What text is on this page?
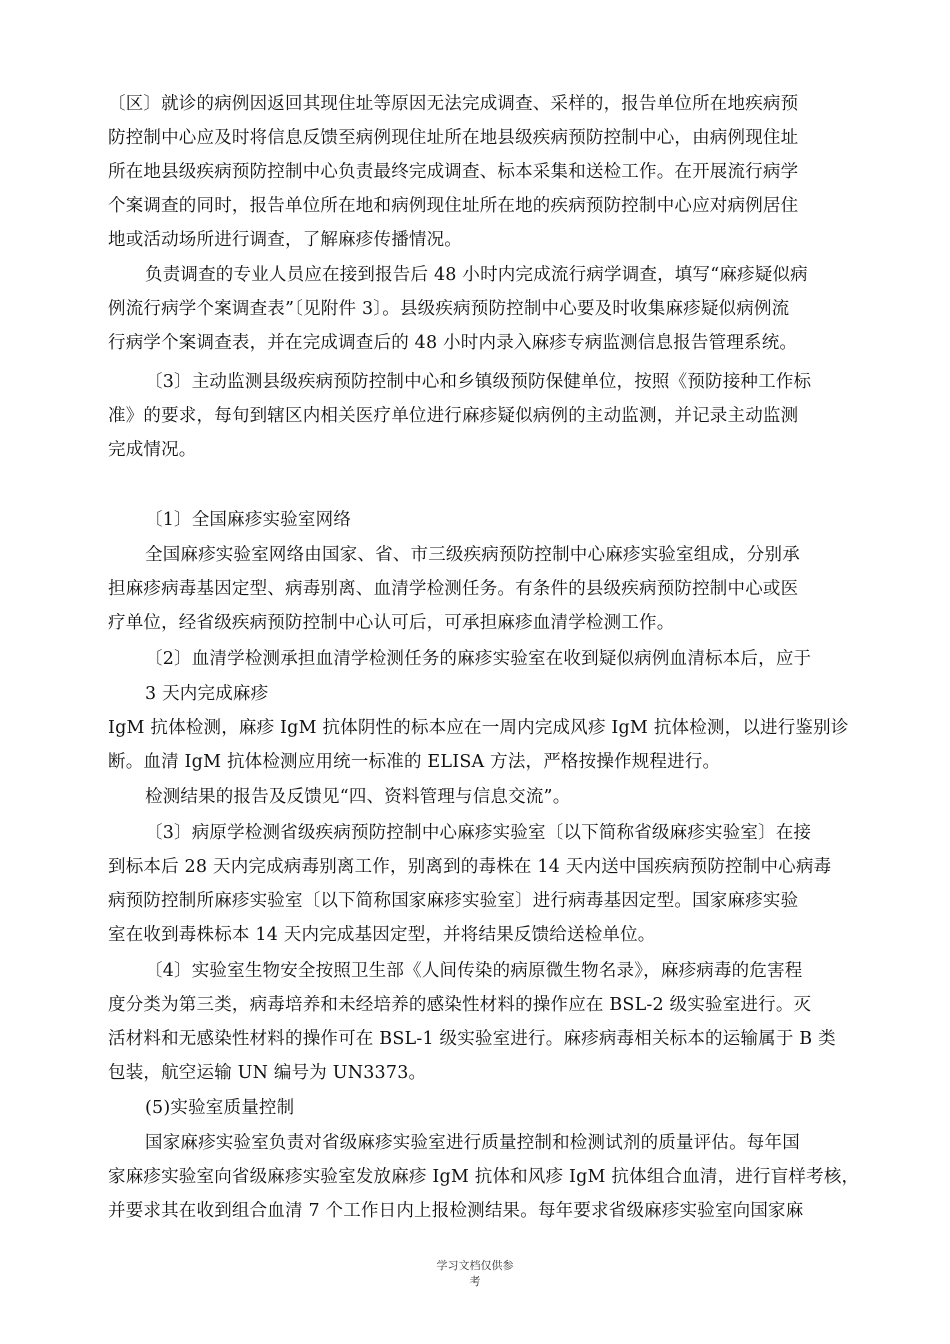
〔区〕就诊的病例因返回其现住址等原因无法完成调查、采样的，报告单位所在地疾病预
防控制中心应及时将信息反馈至病例现住址所在地县级疾病预防控制中心，由病例现住址
所在地县级疾病预防控制中心负责最终完成调查、标本采集和送检工作。在开展流行病学
个案调查的同时，报告单位所在地和病例现住址所在地的疾病预防控制中心应对病例居住
地或活动场所进行调查，了解麻疹传播情况。
负责调查的专业人员应在接到报告后 48 小时内完成流行病学调查，填写“麻疹疑似病
例流行病学个案调查表”〔见附件 3〕。县级疾病预防控制中心要及时收集麻疹疑似病例流
行病学个案调查表，并在完成调查后的 48 小时内录入麻疹专病监测信息报告管理系统。
〔3〕主动监测县级疾病预防控制中心和乡镇级预防保健单位，按照《预防接种工作标
准》的要求，每旬到辖区内相关医疗单位进行麻疹疑似病例的主动监测，并记录主动监测
完成情况。
〔1〕全国麻疹实验室网络
全国麻疹实验室网络由国家、省、市三级疾病预防控制中心麻疹实验室组成，分别承
担麻疹病毒基因定型、病毒别离、血清学检测任务。有条件的县级疾病预防控制中心或医
疗单位，经省级疾病预防控制中心认可后，可承担麻疹血清学检测工作。
〔2〕血清学检测承担血清学检测任务的麻疹实验室在收到疑似病例血清标本后，应于
3 天内完成麻疹
IgM 抗体检测，麻疹 IgM 抗体阴性的标本应在一周内完成风疹 IgM 抗体检测，以进行鉴别诊
断。血清 IgM 抗体检测应用统一标准的 ELISA 方法，严格按操作规程进行。
检测结果的报告及反馈见“四、资料管理与信息交流”。
〔3〕病原学检测省级疾病预防控制中心麻疹实验室〔以下简称省级麻疹实验室〕在接
到标本后 28 天内完成病毒别离工作，别离到的毒株在 14 天内送中国疾病预防控制中心病毒
病预防控制所麻疹实验室〔以下简称国家麻疹实验室〕进行病毒基因定型。国家麻疹实验
室在收到毒株标本 14 天内完成基因定型，并将结果反馈给送检单位。
〔4〕实验室生物安全按照卫生部《人间传染的病原微生物名录》，麻疹病毒的危害程
度分类为第三类，病毒培养和未经培养的感染性材料的操作应在 BSL-2 级实验室进行。灭
活材料和无感染性材料的操作可在 BSL-1 级实验室进行。麻疹病毒相关标本的运输属于 B 类
包装，航空运输 UN 编号为 UN3373。
(5)实验室质量控制
国家麻疹实验室负责对省级麻疹实验室进行质量控制和检测试剂的质量评估。每年国
家麻疹实验室向省级麻疹实验室发放麻疹 IgM 抗体和风疹 IgM 抗体组合血清，进行盲样考核，
并要求其在收到组合血清 7 个工作日内上报检测结果。每年要求省级麻疹实验室向国家麻
学习文档仅供参
考
